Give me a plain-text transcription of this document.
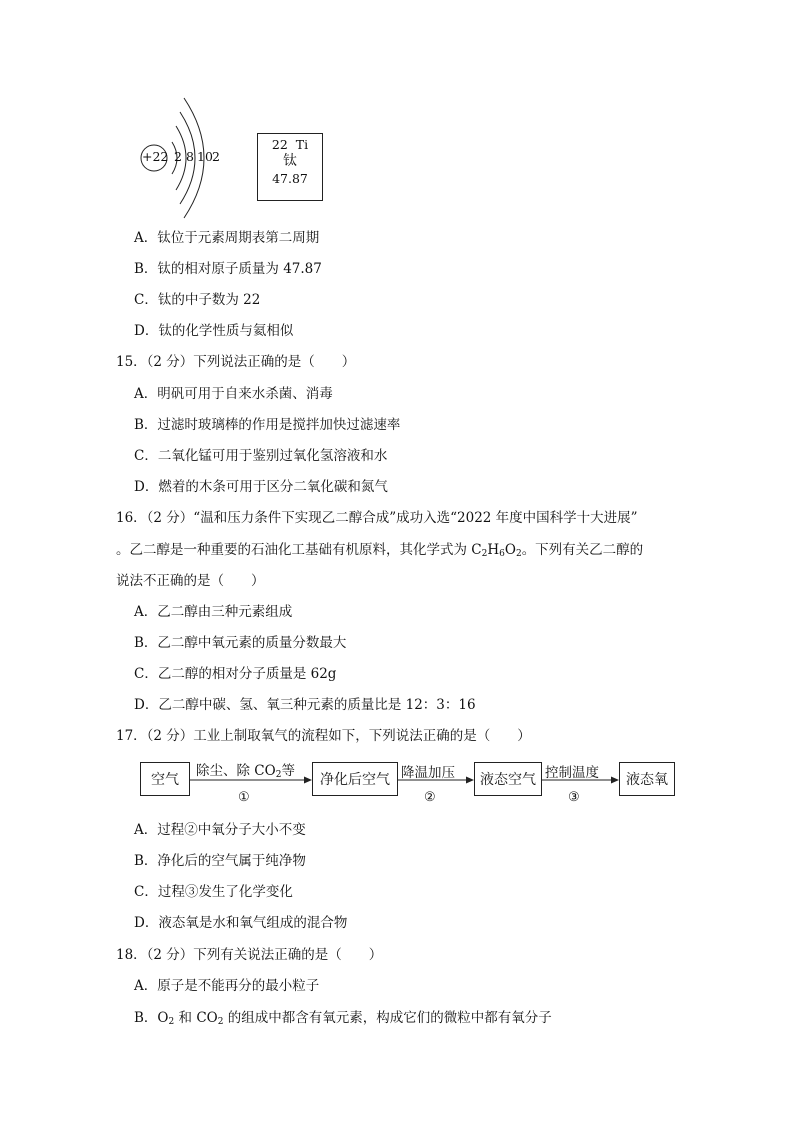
+22 2 8 10 2
22 Ti
钛
47.87
A．钛位于元素周期表第二周期
B．钛的相对原子质量为 47.87
C．钛的中子数为 22
D．钛的化学性质与氦相似
15．（2 分）下列说法正确的是（　　）
A．明矾可用于自来水杀菌、消毒
B．过滤时玻璃棒的作用是搅拌加快过滤速率
C．二氧化锰可用于鉴别过氧化氢溶液和水
D．燃着的木条可用于区分二氧化碳和氮气
16．（2 分）“温和压力条件下实现乙二醇合成”成功入选“2022 年度中国科学十大进展”
。乙二醇是一种重要的石油化工基础有机原料，其化学式为 $C_2H_6O_2$。下列有关乙二醇的
说法不正确的是（　　）
A．乙二醇由三种元素组成
B．乙二醇中氧元素的质量分数最大
C．乙二醇的相对分子质量是 62g
D．乙二醇中碳、氢、氧三种元素的质量比是 12：3：16
17．（2 分）工业上制取氧气的流程如下，下列说法正确的是（　　）
空气	净化后空气	液态空气	液态氧
除尘、除 $CO_2$等
①
降温加压
②
控制温度
③
A．过程②中氧分子大小不变
B．净化后的空气属于纯净物
C．过程③发生了化学变化
D．液态氧是水和氧气组成的混合物
18．（2 分）下列有关说法正确的是（　　）
A．原子是不能再分的最小粒子
B．$O_2$ 和 $CO_2$ 的组成中都含有氧元素，构成它们的微粒中都有氧分子
